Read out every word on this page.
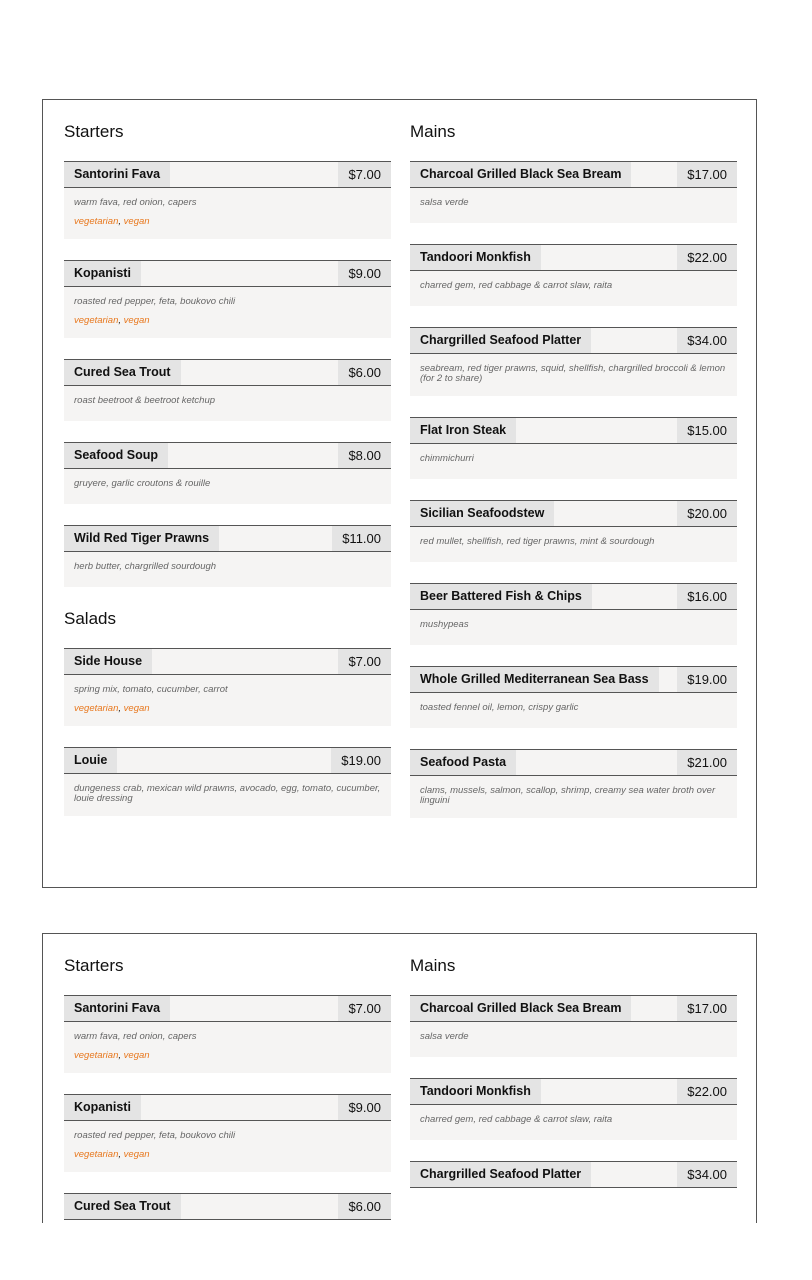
Starters
Santorini Fava	$7.00
warm fava, red onion, capers
vegetarian, vegan
Kopanisti	$9.00
roasted red pepper, feta, boukovo chili
vegetarian, vegan
Cured Sea Trout	$6.00
roast beetroot & beetroot ketchup
Seafood Soup	$8.00
gruyere, garlic croutons & rouille
Wild Red Tiger Prawns	$11.00
herb butter, chargrilled sourdough
Salads
Side House	$7.00
spring mix, tomato, cucumber, carrot
vegetarian, vegan
Louie	$19.00
dungeness crab, mexican wild prawns, avocado, egg, tomato, cucumber, louie dressing
Mains
Charcoal Grilled Black Sea Bream	$17.00
salsa verde
Tandoori Monkfish	$22.00
charred gem, red cabbage & carrot slaw, raita
Chargrilled Seafood Platter	$34.00
seabream, red tiger prawns, squid, shellfish, chargrilled broccoli & lemon (for 2 to share)
Flat Iron Steak	$15.00
chimmichurri
Sicilian Seafoodstew	$20.00
red mullet, shellfish, red tiger prawns, mint & sourdough
Beer Battered Fish & Chips	$16.00
mushypeas
Whole Grilled Mediterranean Sea Bass	$19.00
toasted fennel oil, lemon, crispy garlic
Seafood Pasta	$21.00
clams, mussels, salmon, scallop, shrimp, creamy sea water broth over linguini
Starters
Santorini Fava	$7.00
warm fava, red onion, capers
vegetarian, vegan
Kopanisti	$9.00
roasted red pepper, feta, boukovo chili
vegetarian, vegan
Cured Sea Trout	$6.00
Mains
Charcoal Grilled Black Sea Bream	$17.00
salsa verde
Tandoori Monkfish	$22.00
charred gem, red cabbage & carrot slaw, raita
Chargrilled Seafood Platter	$34.00
